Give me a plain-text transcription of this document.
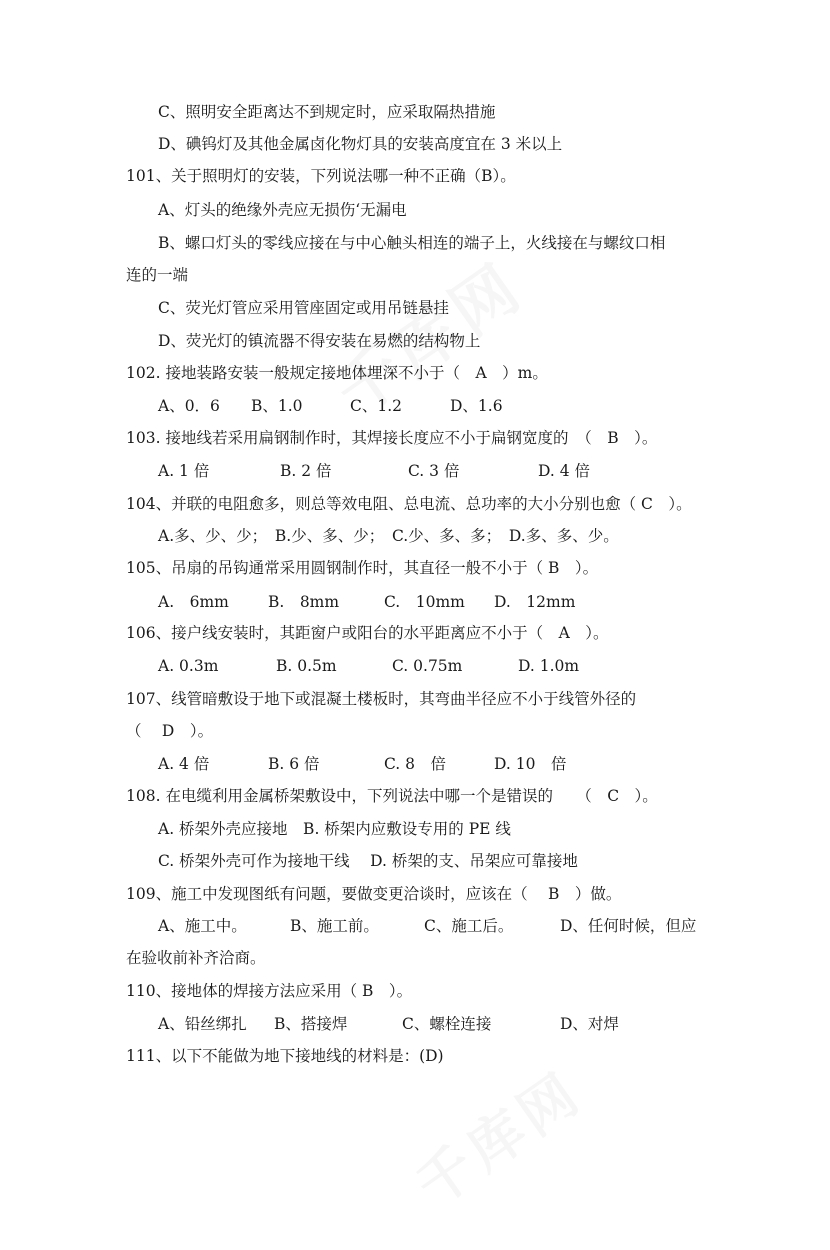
C、照明安全距离达不到规定时，应采取隔热措施
D、碘钨灯及其他金属卤化物灯具的安装高度宜在 3 米以上
101、关于照明灯的安装，下列说法哪一种不正确（B）。
A、灯头的绝缘外壳应无损伤‘无漏电
B、螺口灯头的零线应接在与中心触头相连的端子上，火线接在与螺纹口相
连的一端
C、荧光灯管应采用管座固定或用吊链悬挂
D、荧光灯的镇流器不得安装在易燃的结构物上
102. 接地装路安装一般规定接地体埋深不小于（　A　）m。
A、0．6 B、1.0	C、1.2	D、1.6
103. 接地线若采用扁钢制作时，其焊接长度应不小于扁钢宽度的　（　B　）。
A. 1 倍	B. 2 倍	C. 3 倍	D. 4 倍
104、并联的电阻愈多，则总等效电阻、总电流、总功率的大小分别也愈（ C　）。
A.多、少、少；　B.少、多、少；　C.少、多、多；　D.多、多、少。
105、吊扇的吊钩通常采用圆钢制作时，其直径一般不小于（ B　）。
A.　6mm	B.　8mm	C.　10mm D.　12mm
106、接户线安装时，其距窗户或阳台的水平距离应不小于（　A　）。
A. 0.3m	B. 0.5m	C. 0.75m	D. 1.0m
107、线管暗敷设于地下或混凝土楼板时，其弯曲半径应不小于线管外径的
（　 D　）。
A. 4 倍	B. 6 倍	C. 8　倍	D. 10　倍
108. 在电缆利用金属桥架敷设中，下列说法中哪一个是错误的　　（　C　）。
A. 桥架外壳应接地　B. 桥架内应敷设专用的 PE 线
C. 桥架外壳可作为接地干线　 D. 桥架的支、吊架应可靠接地
109、施工中发现图纸有问题，要做变更洽谈时，应该在（　 B　）做。
A、施工中。	B、施工前。	C、施工后。	D、任何时候，但应
在验收前补齐洽商。
110、接地体的焊接方法应采用（ B　）。
A、铅丝绑扎 B、搭接焊	C、螺栓连接	D、对焊
111、以下不能做为地下接地线的材料是：(D)
